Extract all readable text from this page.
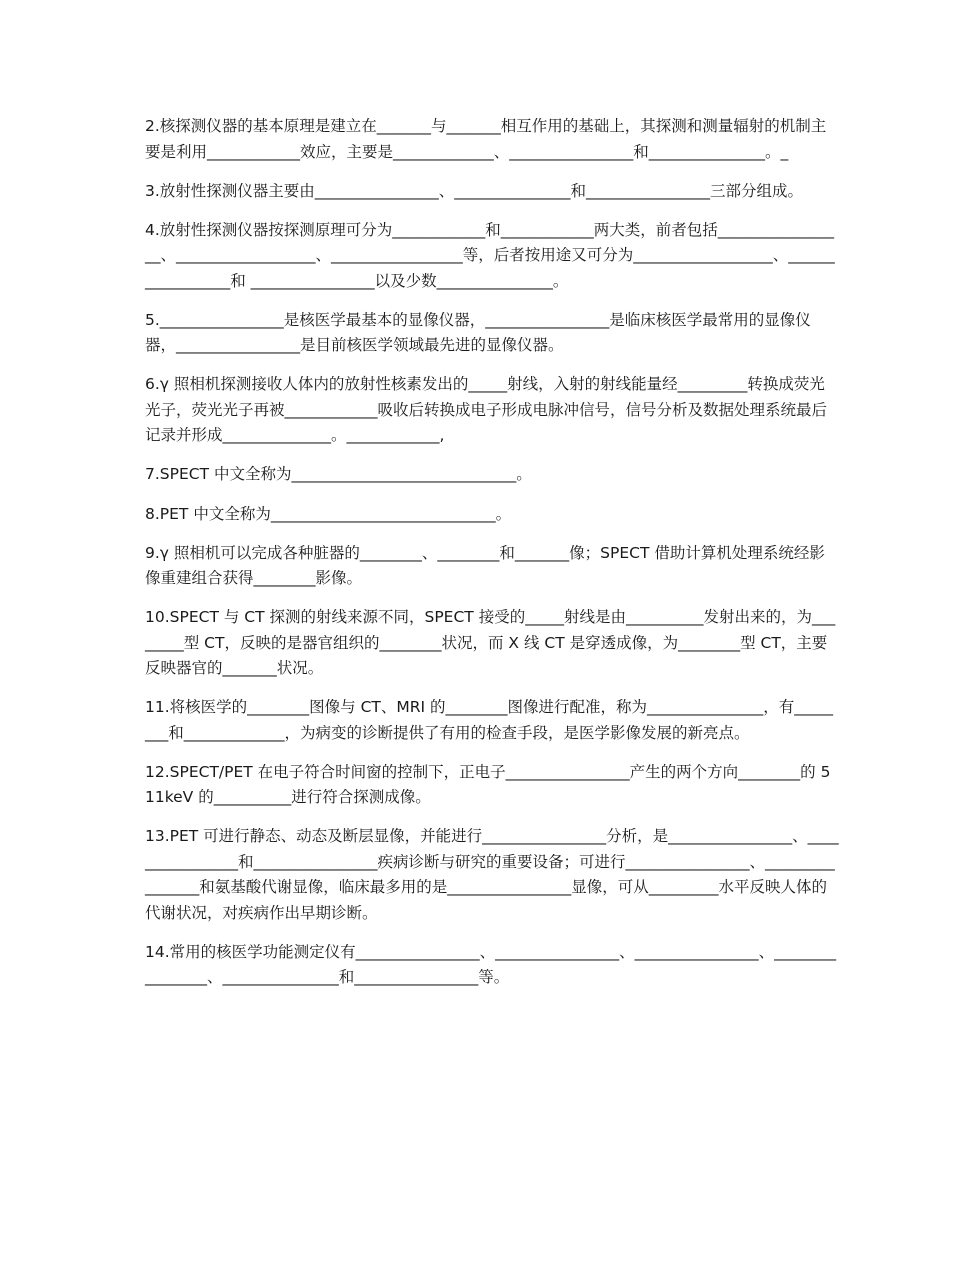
2.核探测仪器的基本原理是建立在_______与_______相互作用的基础上，其探测和测量辐射的机制主要是利用____________效应，主要是_____________、________________和_______________。_

3.放射性探测仪器主要由________________、_______________和________________三部分组成。

4.放射性探测仪器按探测原理可分为____________和____________两大类，前者包括_________________、__________________、_________________等，后者按用途又可分为__________________、_________________和 ________________以及少数_______________。

5.________________是核医学最基本的显像仪器，________________是临床核医学最常用的显像仪器，________________是目前核医学领域最先进的显像仪器。

6.γ 照相机探测接收人体内的放射性核素发出的_____射线，入射的射线能量经_________转换成荧光光子，荧光光子再被____________吸收后转换成电子形成电脉冲信号，信号分析及数据处理系统最后记录并形成______________。____________,

7.SPECT 中文全称为_____________________________。

8.PET 中文全称为_____________________________。

9.γ 照相机可以完成各种脏器的________、________和_______像；SPECT 借助计算机处理系统经影像重建组合获得________影像。

10.SPECT 与 CT 探测的射线来源不同，SPECT 接受的_____射线是由__________发射出来的，为________型 CT，反映的是器官组织的________状况，而 X 线 CT 是穿透成像，为________型 CT，主要反映器官的_______状况。

11.将核医学的________图像与 CT、MRI 的________图像进行配准，称为_______________，有________和_____________，为病变的诊断提供了有用的检查手段，是医学影像发展的新亮点。

12.SPECT/PET 在电子符合时间窗的控制下，正电子________________产生的两个方向________的 511keV 的__________进行符合探测成像。

13.PET 可进行静态、动态及断层显像，并能进行________________分析，是________________、________________和________________疾病诊断与研究的重要设备；可进行________________、________________和氨基酸代谢显像，临床最多用的是________________显像，可从_________水平反映人体的代谢状况，对疾病作出早期诊断。

14.常用的核医学功能测定仪有________________、________________、________________、________________、_______________和________________等。
